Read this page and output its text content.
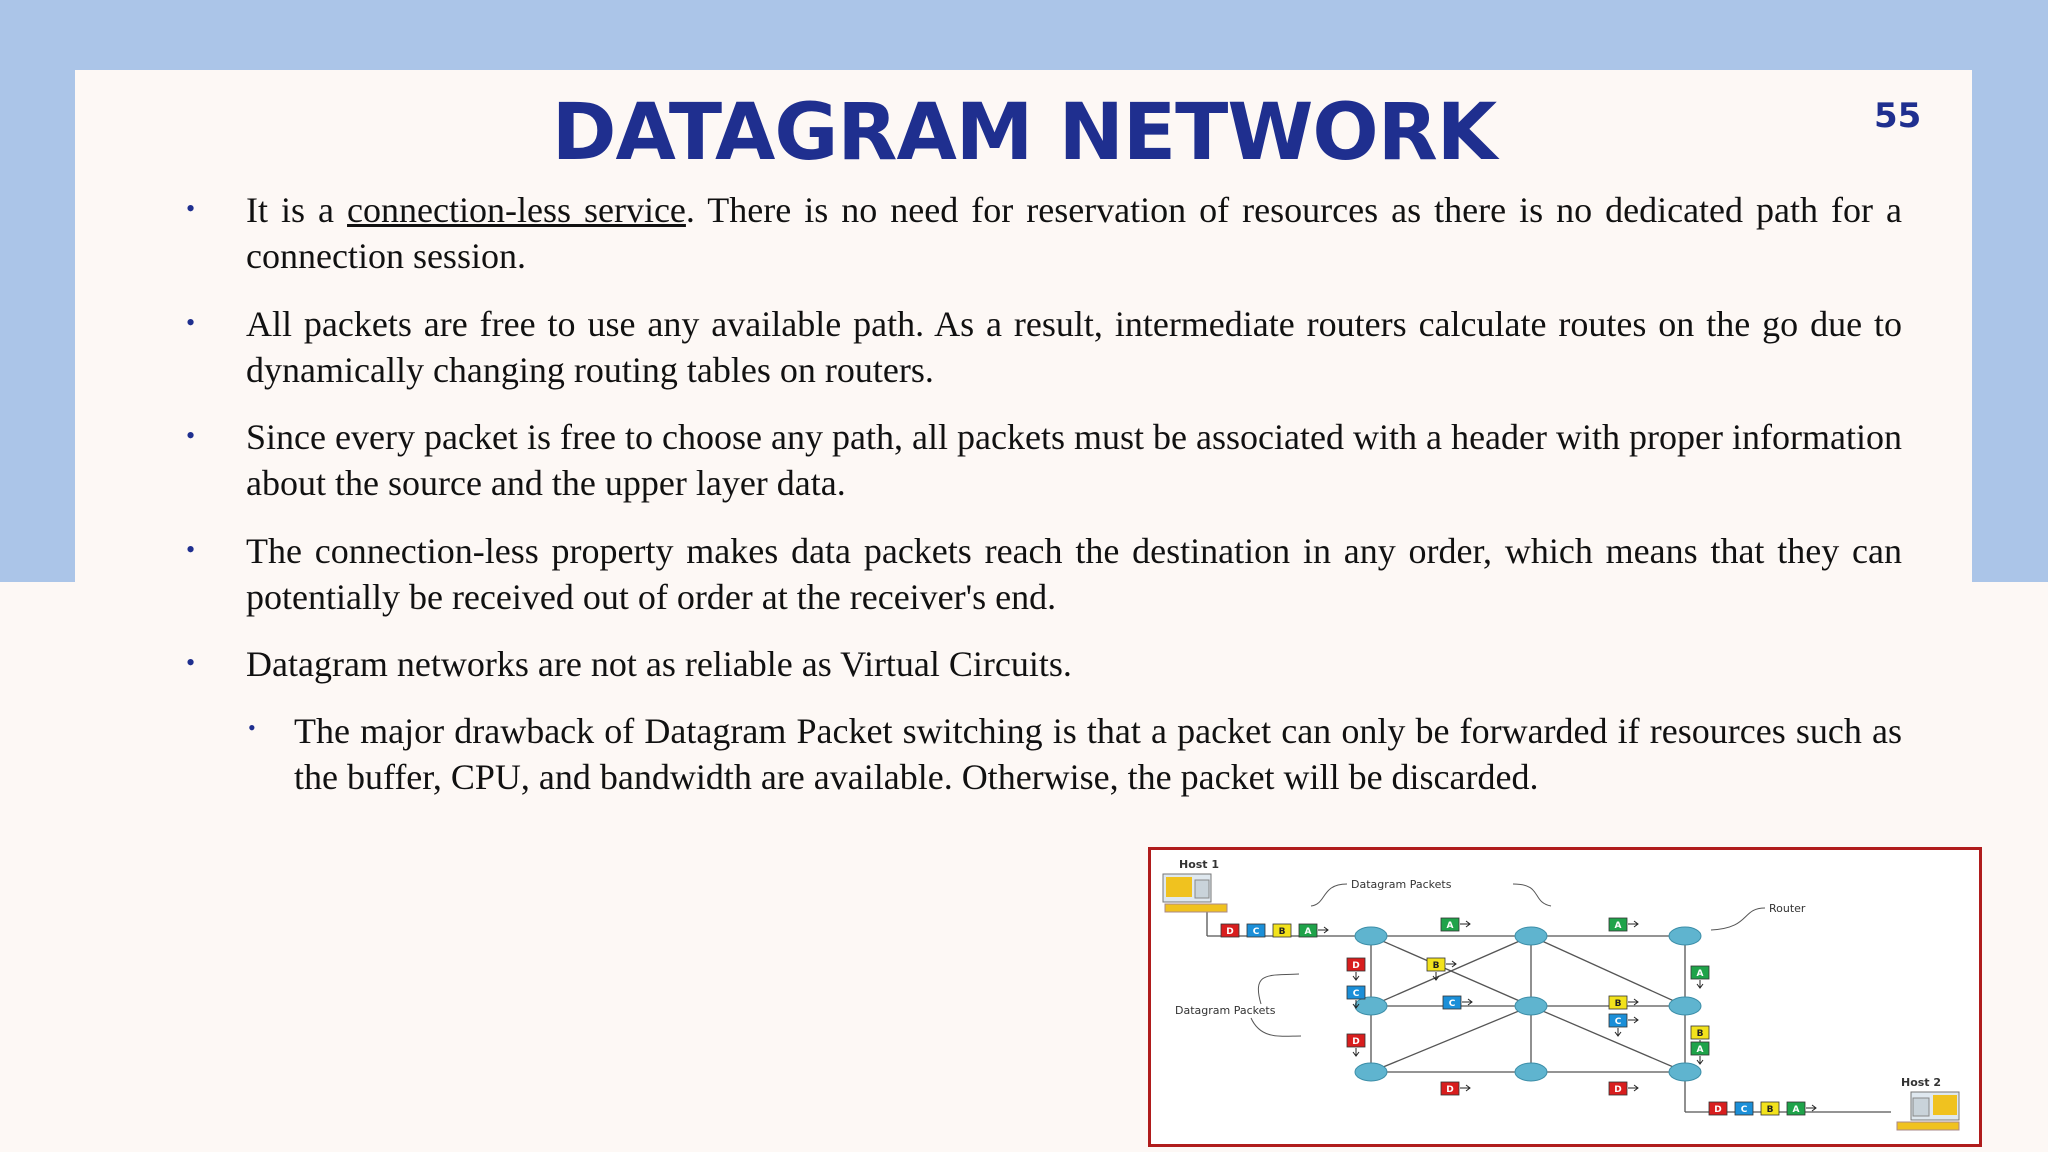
DATAGRAM NETWORK	55
• It is a connection-less service. There is no need for reservation of resources as there is no dedicated path for a connection session.

• All packets are free to use any available path. As a result, intermediate routers calculate routes on the go due to dynamically changing routing tables on routers.

• Since every packet is free to choose any path, all packets must be associated with a header with proper information about the source and the upper layer data.

• The connection-less property makes data packets reach the destination in any order, which means that they can potentially be received out of order at the receiver's end.

• Datagram networks are not as reliable as Virtual Circuits.

• The major drawback of Datagram Packet switching is that a packet can only be forwarded if resources such as the buffer, CPU, and bandwidth are available. Otherwise, the packet will be discarded.

D C B A
A	A
D
C
D
B
C	B
C
A
B
A
D	D
D C B A
Host 1
Host 2
Datagram Packets
Router
Datagram Packets
